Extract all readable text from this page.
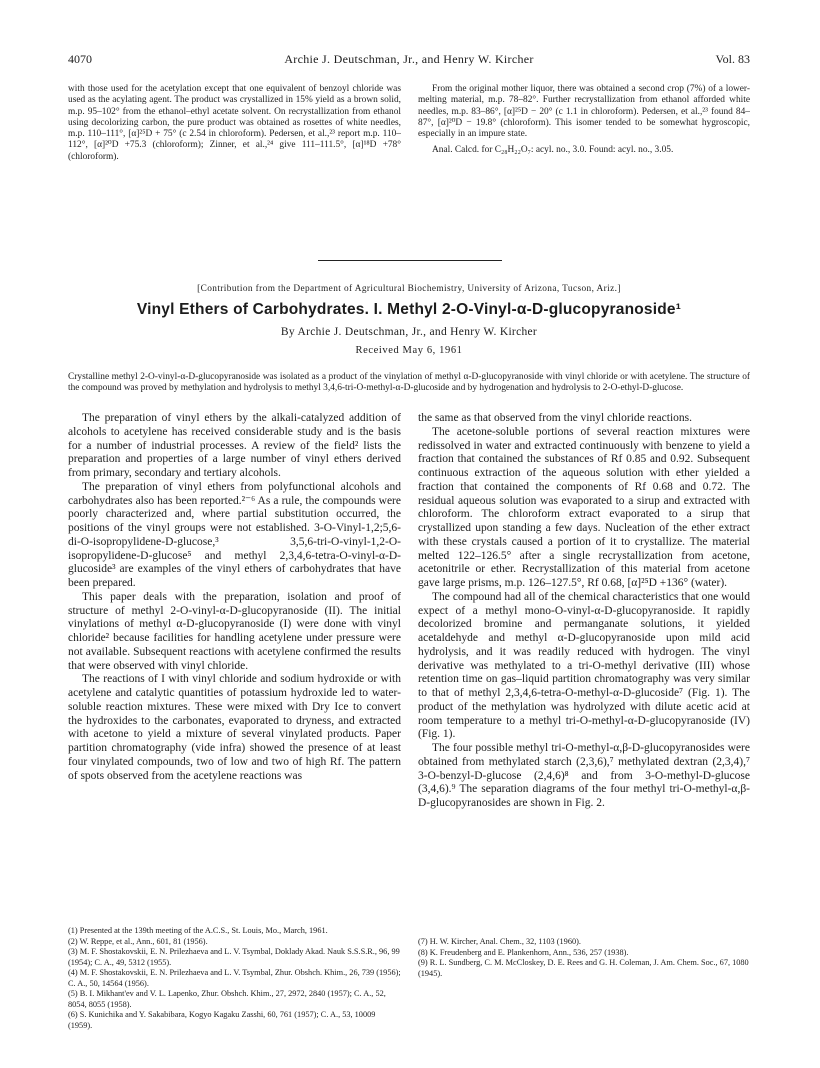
4070	Archie J. Deutschman, Jr., and Henry W. Kircher	Vol. 83

with those used for the acetylation except that one equivalent of benzoyl chloride was used as the acylating agent. The product was crystallized in 15% yield as a brown solid, m.p. 95–102° from the ethanol–ethyl acetate solvent. On recrystallization from ethanol using decolorizing carbon, the pure product was obtained as rosettes of white needles, m.p. 110–111°, [α]²⁵D + 75° (c 2.54 in chloroform). Pedersen, et al.,²³ report m.p. 110–112°, [α]²⁰D +75.3 (chloroform); Zinner, et al.,²⁴ give 111–111.5°, [α]¹⁸D +78° (chloroform).

From the original mother liquor, there was obtained a second crop (7%) of a lower-melting material, m.p. 78–82°. Further recrystallization from ethanol afforded white needles, m.p. 83–86°, [α]²⁵D − 20° (c 1.1 in chloroform). Pedersen, et al.,²³ found 84–87°, [α]²⁰D − 19.8° (chloroform). This isomer tended to be somewhat hygroscopic, especially in an impure state.

Anal. Calcd. for C₂₈H₂₂O₇: acyl. no., 3.0. Found: acyl. no., 3.05.

[Contribution from the Department of Agricultural Biochemistry, University of Arizona, Tucson, Ariz.]
Vinyl Ethers of Carbohydrates. I. Methyl 2-O-Vinyl-α-D-glucopyranoside¹
By Archie J. Deutschman, Jr., and Henry W. Kircher
Received May 6, 1961
Crystalline methyl 2-O-vinyl-α-D-glucopyranoside was isolated as a product of the vinylation of methyl α-D-glucopyranoside with vinyl chloride or with acetylene. The structure of the compound was proved by methylation and hydrolysis to methyl 3,4,6-tri-O-methyl-α-D-glucoside and by hydrogenation and hydrolysis to 2-O-ethyl-D-glucose.

The preparation of vinyl ethers by the alkali-catalyzed addition of alcohols to acetylene has received considerable study and is the basis for a number of industrial processes. A review of the field² lists the preparation and properties of a large number of vinyl ethers derived from primary, secondary and tertiary alcohols.

The preparation of vinyl ethers from polyfunctional alcohols and carbohydrates also has been reported.²⁻⁶ As a rule, the compounds were poorly characterized and, where partial substitution occurred, the positions of the vinyl groups were not established. 3-O-Vinyl-1,2;5,6-di-O-isopropylidene-D-glucose,³ 3,5,6-tri-O-vinyl-1,2-O-isopropylidene-D-glucose⁵ and methyl 2,3,4,6-tetra-O-vinyl-α-D-glucoside³ are examples of the vinyl ethers of carbohydrates that have been prepared.

This paper deals with the preparation, isolation and proof of structure of methyl 2-O-vinyl-α-D-glucopyranoside (II). The initial vinylations of methyl α-D-glucopyranoside (I) were done with vinyl chloride² because facilities for handling acetylene under pressure were not available. Subsequent reactions with acetylene confirmed the results that were observed with vinyl chloride.

The reactions of I with vinyl chloride and sodium hydroxide or with acetylene and catalytic quantities of potassium hydroxide led to water-soluble reaction mixtures. These were mixed with Dry Ice to convert the hydroxides to the carbonates, evaporated to dryness, and extracted with acetone to yield a mixture of several vinylated products. Paper partition chromatography (vide infra) showed the presence of at least four vinylated compounds, two of low and two of high Rf. The pattern of spots observed from the acetylene reactions was

the same as that observed from the vinyl chloride reactions.

The acetone-soluble portions of several reaction mixtures were redissolved in water and extracted continuously with benzene to yield a fraction that contained the substances of Rf 0.85 and 0.92. Subsequent continuous extraction of the aqueous solution with ether yielded a fraction that contained the components of Rf 0.68 and 0.72. The residual aqueous solution was evaporated to a sirup and extracted with chloroform. The chloroform extract evaporated to a sirup that crystallized upon standing a few days. Nucleation of the ether extract with these crystals caused a portion of it to crystallize. The material melted 122–126.5° after a single recrystallization from acetone, acetonitrile or ether. Recrystallization of this material from acetone gave large prisms, m.p. 126–127.5°, Rf 0.68, [α]²⁵D +136° (water).

The compound had all of the chemical characteristics that one would expect of a methyl mono-O-vinyl-α-D-glucopyranoside. It rapidly decolorized bromine and permanganate solutions, it yielded acetaldehyde and methyl α-D-glucopyranoside upon mild acid hydrolysis, and it was readily reduced with hydrogen. The vinyl derivative was methylated to a tri-O-methyl derivative (III) whose retention time on gas–liquid partition chromatography was very similar to that of methyl 2,3,4,6-tetra-O-methyl-α-D-glucoside⁷ (Fig. 1). The product of the methylation was hydrolyzed with dilute acetic acid at room temperature to a methyl tri-O-methyl-α-D-glucopyranoside (IV) (Fig. 1).

The four possible methyl tri-O-methyl-α,β-D-glucopyranosides were obtained from methylated starch (2,3,6),⁷ methylated dextran (2,3,4),⁷ 3-O-benzyl-D-glucose (2,4,6)⁸ and from 3-O-methyl-D-glucose (3,4,6).⁹ The separation diagrams of the four methyl tri-O-methyl-α,β-D-glucopyranosides are shown in Fig. 2.

(1) Presented at the 139th meeting of the A.C.S., St. Louis, Mo., March, 1961.
(2) W. Reppe, et al., Ann., 601, 81 (1956).
(3) M. F. Shostakovskii, E. N. Prilezhaeva and L. V. Tsymbal, Doklady Akad. Nauk S.S.S.R., 96, 99 (1954); C. A., 49, 5312 (1955).
(4) M. F. Shostakovskii, E. N. Prilezhaeva and L. V. Tsymbal, Zhur. Obshch. Khim., 26, 739 (1956); C. A., 50, 14564 (1956).
(5) B. I. Mikhant'ev and V. L. Lapenko, Zhur. Obshch. Khim., 27, 2972, 2840 (1957); C. A., 52, 8054, 8055 (1958).
(6) S. Kunichika and Y. Sakabibara, Kogyo Kagaku Zasshi, 60, 761 (1957); C. A., 53, 10009 (1959).
(7) H. W. Kircher, Anal. Chem., 32, 1103 (1960).
(8) K. Freudenberg and E. Plankenhorn, Ann., 536, 257 (1938).
(9) R. L. Sundberg, C. M. McCloskey, D. E. Rees and G. H. Coleman, J. Am. Chem. Soc., 67, 1080 (1945).
